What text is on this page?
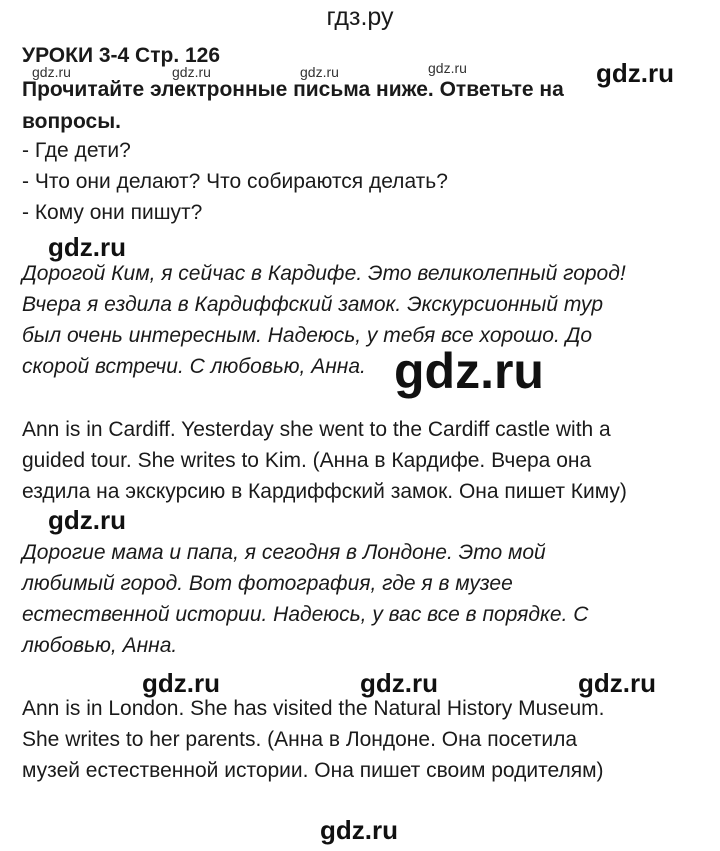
гдз.ру
УРОКИ 3-4 Стр. 126
Прочитайте электронные письма ниже. Ответьте на
вопросы.
- Где дети?
- Что они делают? Что собираются делать?
- Кому они пишут?
Дорогой Ким, я сейчас в Кардифе. Это великолепный город!
Вчера я ездила в Кардиффский замок. Экскурсионный тур
был очень интересным. Надеюсь, у тебя все хорошо. До
скорой встречи. С любовью, Анна.
Ann is in Cardiff. Yesterday she went to the Cardiff castle with a
guided tour. She writes to Kim. (Анна в Кардифе. Вчера она
ездила на экскурсию в Кардиффский замок. Она пишет Киму)
Дорогие мама и папа, я сегодня в Лондоне. Это мой
любимый город. Вот фотография, где я в музее
естественной истории. Надеюсь, у вас все в порядке. С
любовью, Анна.
Ann is in London. She has visited the Natural History Museum.
She writes to her parents. (Анна в Лондоне. Она посетила
музей естественной истории. Она пишет своим родителям)
gdz.ru	gdz.ru	gdz.ru	gdz.ru	gdz.ru
gdz.ru
gdz.ru
gdz.ru
gdz.ru	gdz.ru	gdz.ru
gdz.ru
